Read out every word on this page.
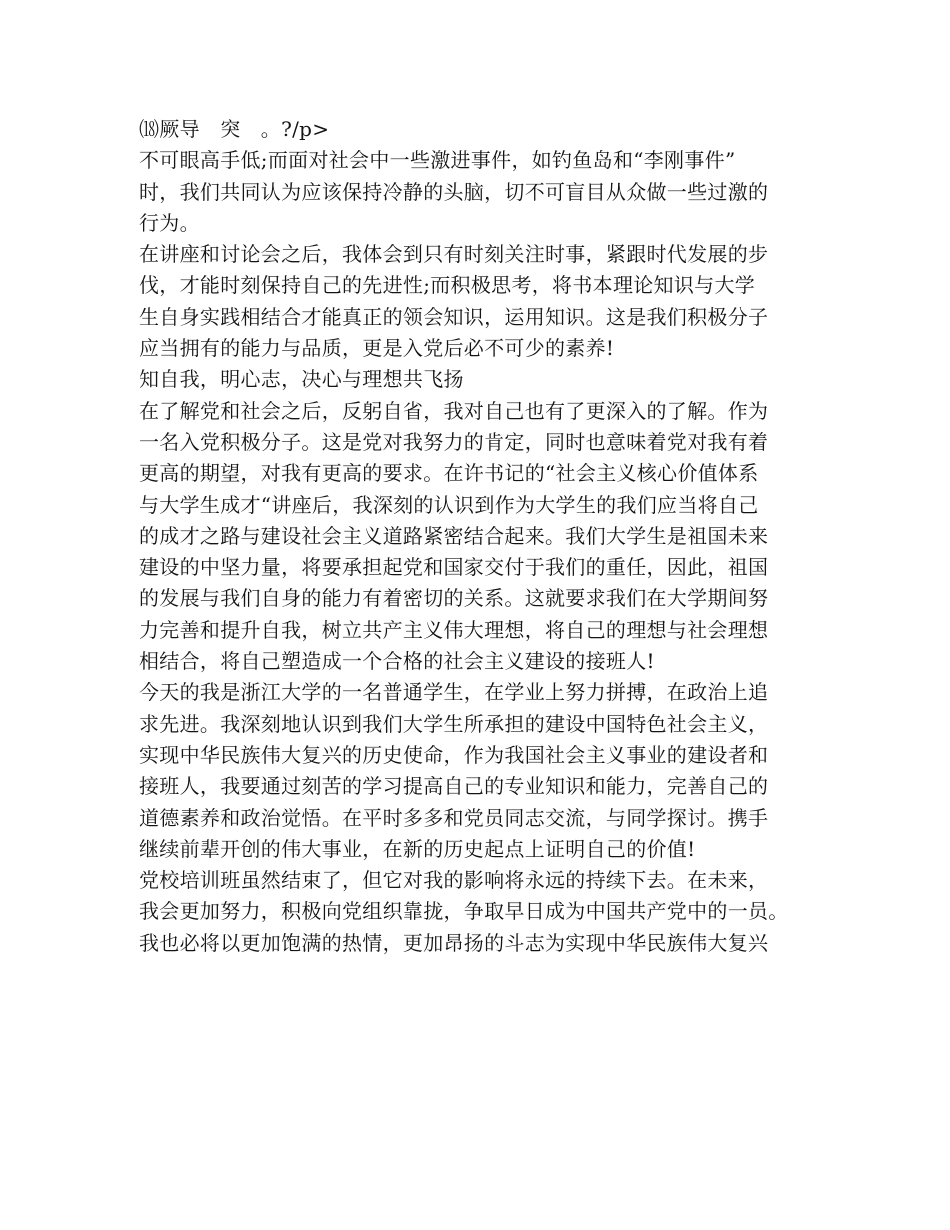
⒅厥导　突　。?/p>
不可眼高手低;而面对社会中一些激进事件，如钓鱼岛和“李刚事件”
时，我们共同认为应该保持冷静的头脑，切不可盲目从众做一些过激的
行为。
在讲座和讨论会之后，我体会到只有时刻关注时事，紧跟时代发展的步
伐，才能时刻保持自己的先进性;而积极思考，将书本理论知识与大学
生自身实践相结合才能真正的领会知识，运用知识。这是我们积极分子
应当拥有的能力与品质，更是入党后必不可少的素养!
知自我，明心志，决心与理想共飞扬
在了解党和社会之后，反躬自省，我对自己也有了更深入的了解。作为
一名入党积极分子。这是党对我努力的肯定，同时也意味着党对我有着
更高的期望，对我有更高的要求。在许书记的“社会主义核心价值体系
与大学生成才“讲座后，我深刻的认识到作为大学生的我们应当将自己
的成才之路与建设社会主义道路紧密结合起来。我们大学生是祖国未来
建设的中坚力量，将要承担起党和国家交付于我们的重任，因此，祖国
的发展与我们自身的能力有着密切的关系。这就要求我们在大学期间努
力完善和提升自我，树立共产主义伟大理想，将自己的理想与社会理想
相结合，将自己塑造成一个合格的社会主义建设的接班人!
今天的我是浙江大学的一名普通学生，在学业上努力拼搏，在政治上追
求先进。我深刻地认识到我们大学生所承担的建设中国特色社会主义，
实现中华民族伟大复兴的历史使命，作为我国社会主义事业的建设者和
接班人，我要通过刻苦的学习提高自己的专业知识和能力，完善自己的
道德素养和政治觉悟。在平时多多和党员同志交流，与同学探讨。携手
继续前辈开创的伟大事业，在新的历史起点上证明自己的价值!
党校培训班虽然结束了，但它对我的影响将永远的持续下去。在未来，
我会更加努力，积极向党组织靠拢，争取早日成为中国共产党中的一员。
我也必将以更加饱满的热情，更加昂扬的斗志为实现中华民族伟大复兴
